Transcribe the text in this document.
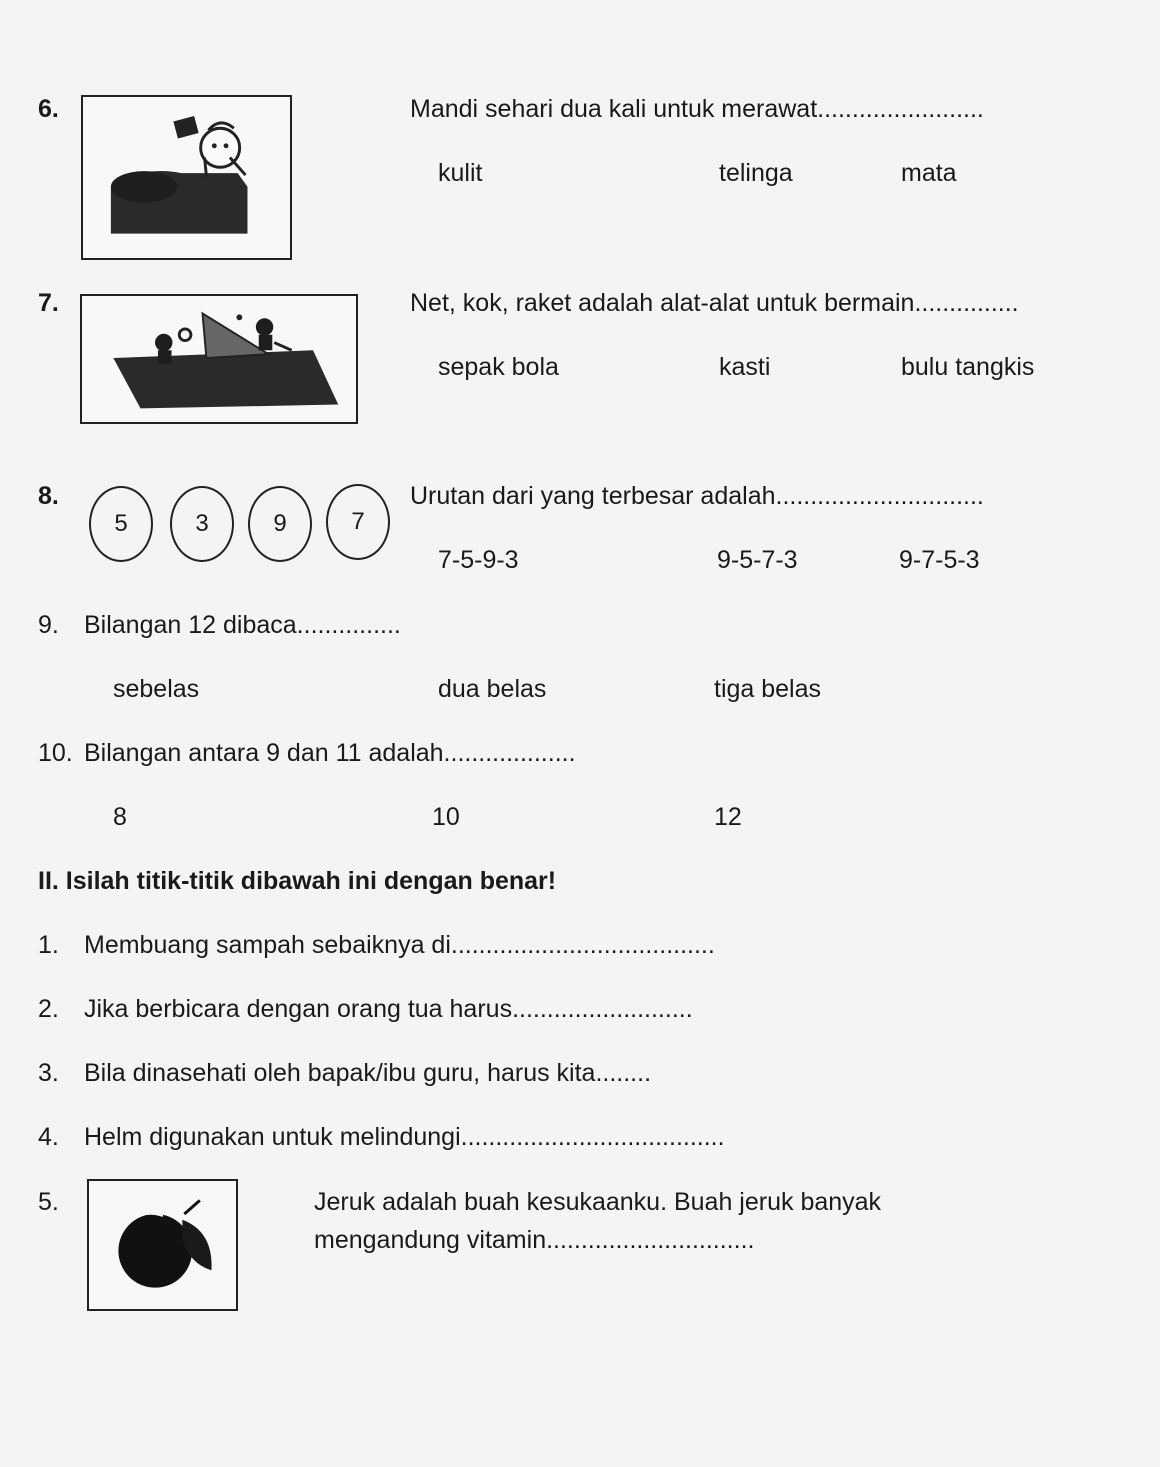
6.	Mandi sehari dua kali untuk merawat........................
kulit	telinga	mata
7.	Net, kok, raket adalah alat-alat untuk bermain...............
sepak bola	kasti	bulu tangkis
8.
5	3	9	7
Urutan dari yang terbesar adalah..............................
7-5-9-3	9-5-7-3	9-7-5-3
9. Bilangan 12 dibaca...............
sebelas	dua belas	tiga belas
10. Bilangan antara 9 dan 11 adalah...................
8	10	12
II. Isilah titik-titik dibawah ini dengan benar!
1. Membuang sampah sebaiknya di......................................
2. Jika berbicara dengan orang tua harus..........................
3. Bila dinasehati oleh bapak/ibu guru, harus kita........
4. Helm digunakan untuk melindungi......................................
5.	Jeruk adalah buah kesukaanku. Buah jeruk banyak
mengandung vitamin..............................
